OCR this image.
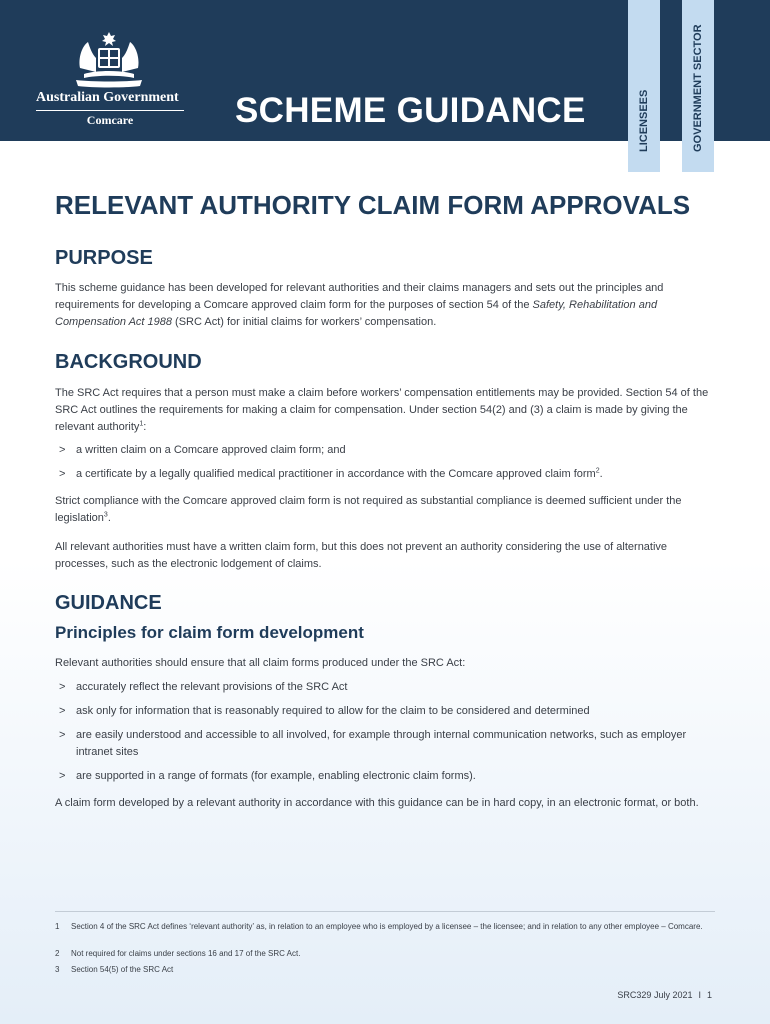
Australian Government
Comcare	SCHEME GUIDANCE	LICENSEES	GOVERNMENT SECTOR
RELEVANT AUTHORITY CLAIM FORM APPROVALS
PURPOSE

This scheme guidance has been developed for relevant authorities and their claims managers and sets out the principles and requirements for developing a Comcare approved claim form for the purposes of section 54 of the Safety, Rehabilitation and Compensation Act 1988 (SRC Act) for initial claims for workers’ compensation.

BACKGROUND

The SRC Act requires that a person must make a claim before workers’ compensation entitlements may be provided. Section 54 of the SRC Act outlines the requirements for making a claim for compensation. Under section 54(2) and (3) a claim is made by giving the relevant authority$^1$:

> a written claim on a Comcare approved claim form; and
> a certificate by a legally qualified medical practitioner in accordance with the Comcare approved claim form$^2$.

Strict compliance with the Comcare approved claim form is not required as substantial compliance is deemed sufficient under the legislation$^3$.

All relevant authorities must have a written claim form, but this does not prevent an authority considering the use of alternative processes, such as the electronic lodgement of claims.

GUIDANCE
Principles for claim form development

Relevant authorities should ensure that all claim forms produced under the SRC Act:

> accurately reflect the relevant provisions of the SRC Act
> ask only for information that is reasonably required to allow for the claim to be considered and determined
> are easily understood and accessible to all involved, for example through internal communication networks, such as employer intranet sites
> are supported in a range of formats (for example, enabling electronic claim forms).

A claim form developed by a relevant authority in accordance with this guidance can be in hard copy, in an electronic format, or both.

1	Section 4 of the SRC Act defines ‘relevant authority’ as, in relation to an employee who is employed by a licensee – the licensee; and in relation to any other employee – Comcare.
2	Not required for claims under sections 16 and 17 of the SRC Act.
3	Section 54(5) of the SRC Act
SRC329 July 2021 I 1
